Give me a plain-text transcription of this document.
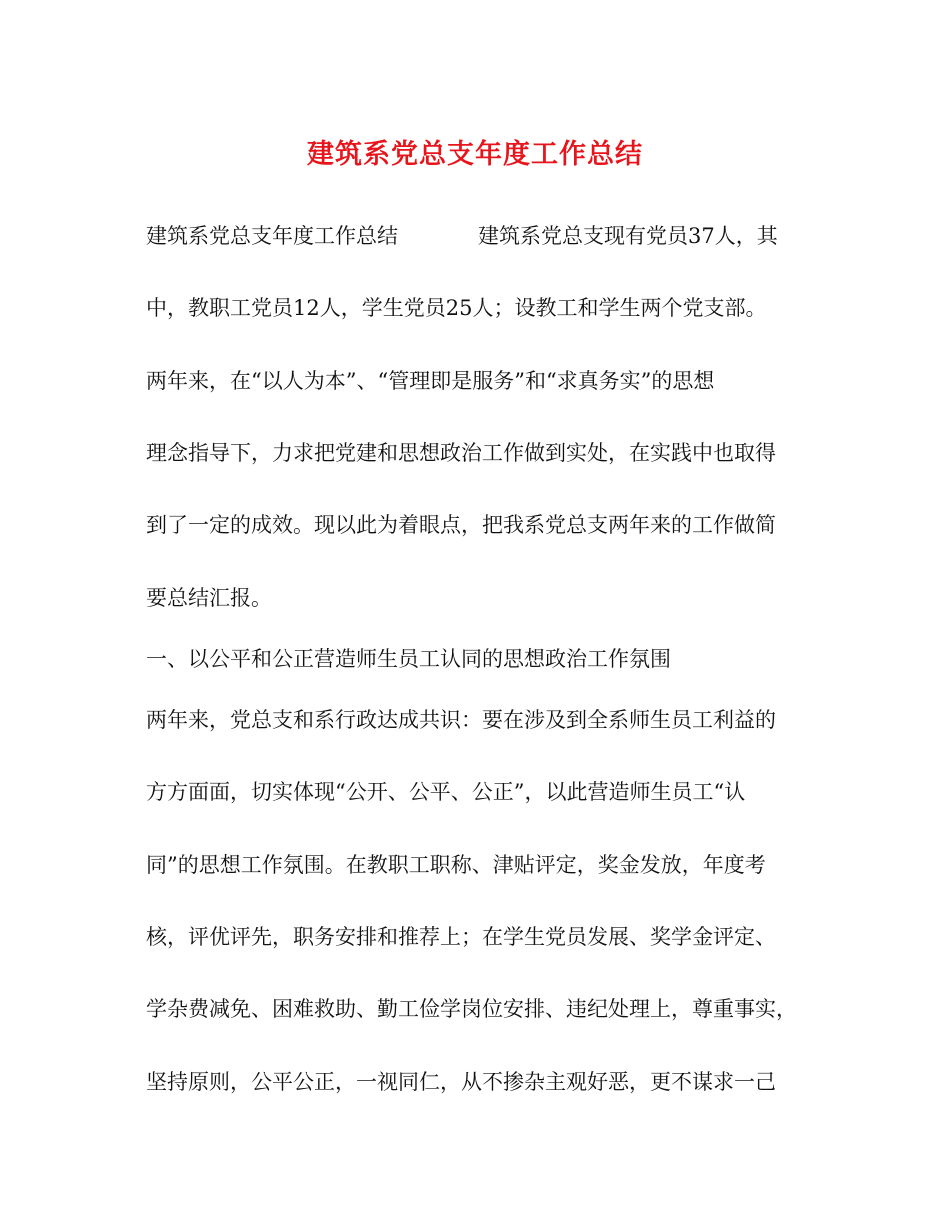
建筑系党总支年度工作总结
建筑系党总支年度工作总结	建筑系党总支现有党员37人，其
中，教职工党员12人，学生党员25人；设教工和学生两个党支部。
两年来，在“以人为本”、“管理即是服务”和“求真务实”的思想
理念指导下，力求把党建和思想政治工作做到实处，在实践中也取得
到了一定的成效。现以此为着眼点，把我系党总支两年来的工作做简
要总结汇报。
一、以公平和公正营造师生员工认同的思想政治工作氛围
两年来，党总支和系行政达成共识：要在涉及到全系师生员工利益的
方方面面，切实体现“公开、公平、公正”，以此营造师生员工“认
同”的思想工作氛围。在教职工职称、津贴评定，奖金发放，年度考
核，评优评先，职务安排和推荐上；在学生党员发展、奖学金评定、
学杂费减免、困难救助、勤工俭学岗位安排、违纪处理上，尊重事实，
坚持原则，公平公正，一视同仁，从不掺杂主观好恶，更不谋求一己
